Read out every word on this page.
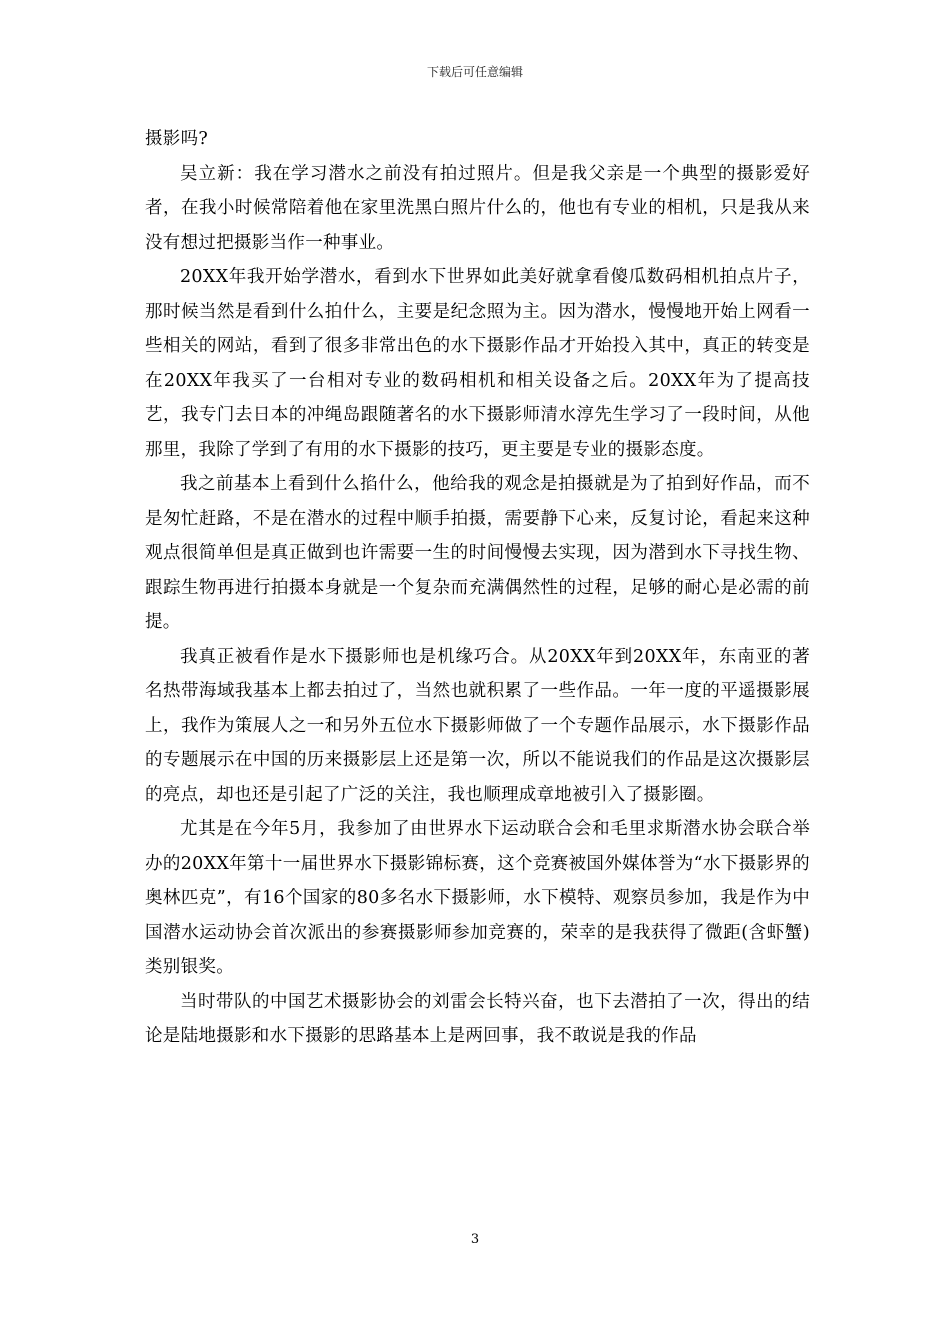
下载后可任意编辑

摄影吗?

吴立新：我在学习潜水之前没有拍过照片。但是我父亲是一个典型的摄影爱好者，在我小时候常陪着他在家里洗黑白照片什么的，他也有专业的相机，只是我从来没有想过把摄影当作一种事业。

20XX年我开始学潜水，看到水下世界如此美好就拿看傻瓜数码相机拍点片子，那时候当然是看到什么拍什么，主要是纪念照为主。因为潜水，慢慢地开始上网看一些相关的网站，看到了很多非常出色的水下摄影作品才开始投入其中，真正的转变是在20XX年我买了一台相对专业的数码相机和相关设备之后。20XX年为了提高技艺，我专门去日本的冲绳岛跟随著名的水下摄影师清水淳先生学习了一段时间，从他那里，我除了学到了有用的水下摄影的技巧，更主要是专业的摄影态度。

我之前基本上看到什么掐什么，他给我的观念是拍摄就是为了拍到好作品，而不是匆忙赶路，不是在潜水的过程中顺手拍摄，需要静下心来，反复讨论，看起来这种观点很简单但是真正做到也许需要一生的时间慢慢去实现，因为潜到水下寻找生物、跟踪生物再进行拍摄本身就是一个复杂而充满偶然性的过程，足够的耐心是必需的前提。

我真正被看作是水下摄影师也是机缘巧合。从20XX年到20XX年，东南亚的著名热带海域我基本上都去拍过了，当然也就积累了一些作品。一年一度的平遥摄影展上，我作为策展人之一和另外五位水下摄影师做了一个专题作品展示，水下摄影作品的专题展示在中国的历来摄影层上还是第一次，所以不能说我们的作品是这次摄影层的亮点，却也还是引起了广泛的关注，我也顺理成章地被引入了摄影圈。

尤其是在今年5月，我参加了由世界水下运动联合会和毛里求斯潜水协会联合举办的20XX年第十一届世界水下摄影锦标赛，这个竞赛被国外媒体誉为“水下摄影界的奥林匹克”，有16个国家的80多名水下摄影师，水下模特、观察员参加，我是作为中国潜水运动协会首次派出的参赛摄影师参加竞赛的，荣幸的是我获得了微距(含虾蟹)类别银奖。

当时带队的中国艺术摄影协会的刘雷会长特兴奋，也下去潜拍了一次，得出的结论是陆地摄影和水下摄影的思路基本上是两回事，我不敢说是我的作品

3
